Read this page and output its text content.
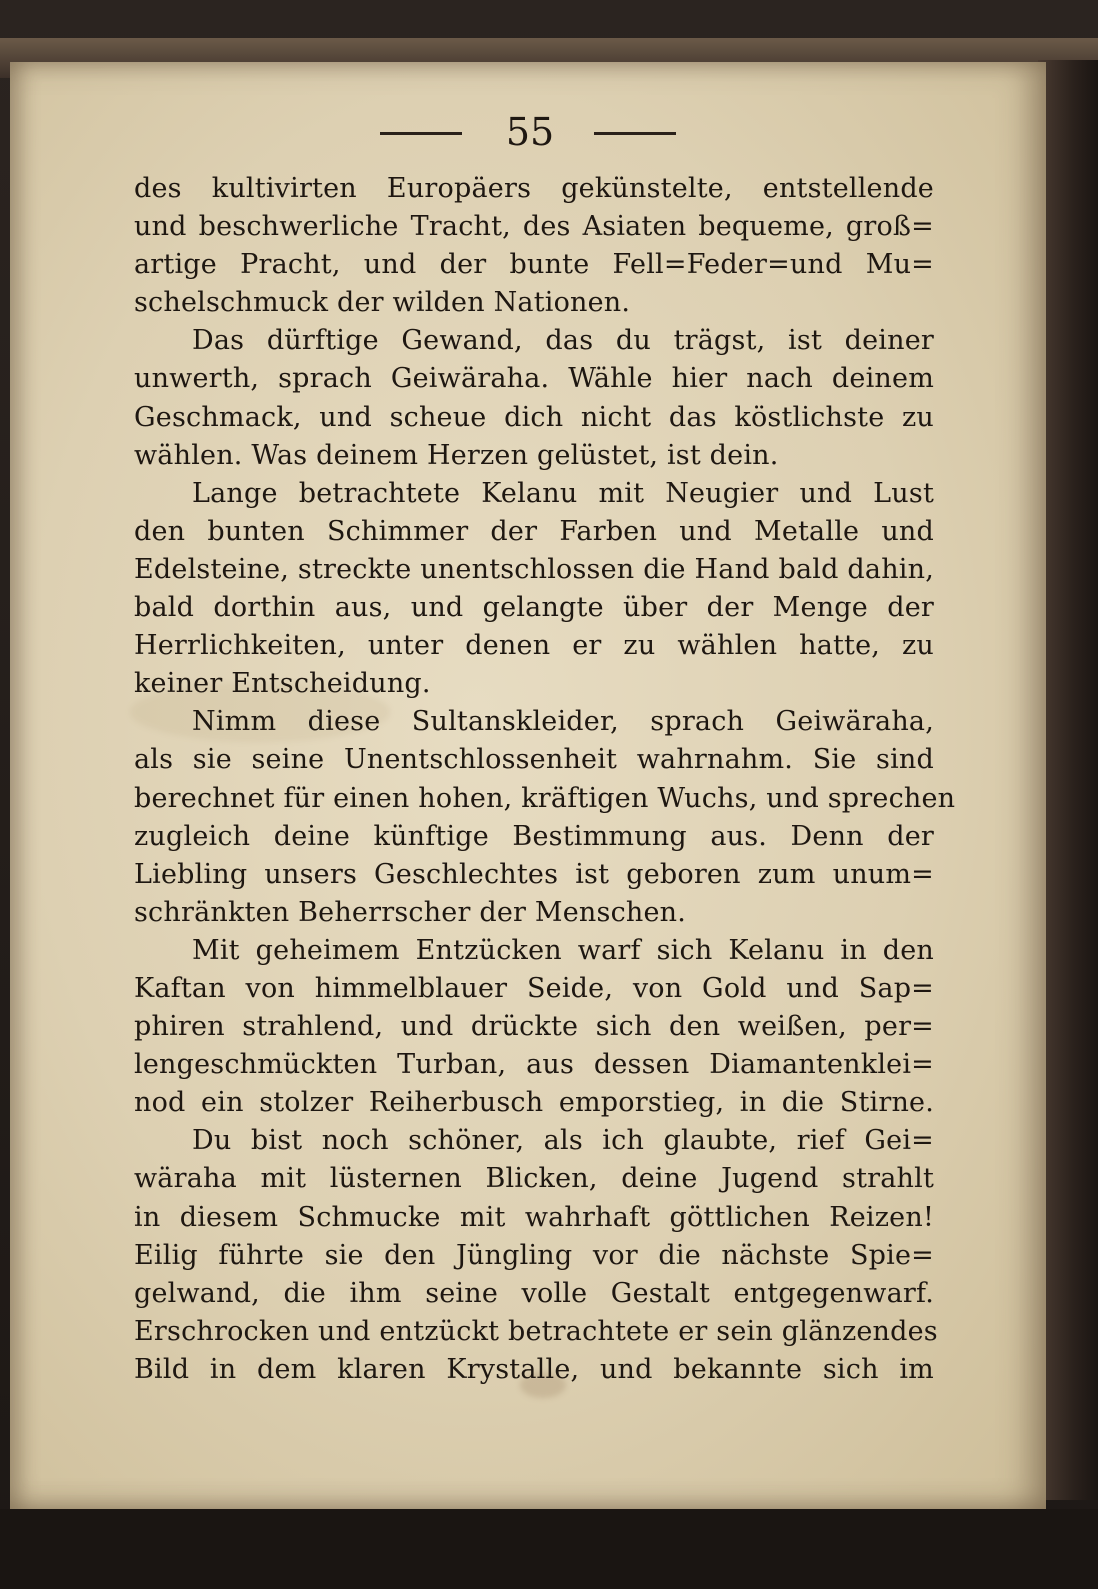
55
des kultivirten Europäers gekünstelte, entstellende
und beschwerliche Tracht, des Asiaten bequeme, groß=
artige Pracht, und der bunte Fell=Feder=und Mu=
schelschmuck der wilden Nationen.
Das dürftige Gewand, das du trägst, ist deiner
unwerth, sprach Geiwäraha. Wähle hier nach deinem
Geschmack, und scheue dich nicht das köstlichste zu
wählen. Was deinem Herzen gelüstet, ist dein.
Lange betrachtete Kelanu mit Neugier und Lust
den bunten Schimmer der Farben und Metalle und
Edelsteine, streckte unentschlossen die Hand bald dahin,
bald dorthin aus, und gelangte über der Menge der
Herrlichkeiten, unter denen er zu wählen hatte, zu
keiner Entscheidung.
Nimm diese Sultanskleider, sprach Geiwäraha,
als sie seine Unentschlossenheit wahrnahm. Sie sind
berechnet für einen hohen, kräftigen Wuchs, und sprechen
zugleich deine künftige Bestimmung aus. Denn der
Liebling unsers Geschlechtes ist geboren zum unum=
schränkten Beherrscher der Menschen.
Mit geheimem Entzücken warf sich Kelanu in den
Kaftan von himmelblauer Seide, von Gold und Sap=
phiren strahlend, und drückte sich den weißen, per=
lengeschmückten Turban, aus dessen Diamantenklei=
nod ein stolzer Reiherbusch emporstieg, in die Stirne.
Du bist noch schöner, als ich glaubte, rief Gei=
wäraha mit lüsternen Blicken, deine Jugend strahlt
in diesem Schmucke mit wahrhaft göttlichen Reizen!
Eilig führte sie den Jüngling vor die nächste Spie=
gelwand, die ihm seine volle Gestalt entgegenwarf.
Erschrocken und entzückt betrachtete er sein glänzendes
Bild in dem klaren Krystalle, und bekannte sich im
